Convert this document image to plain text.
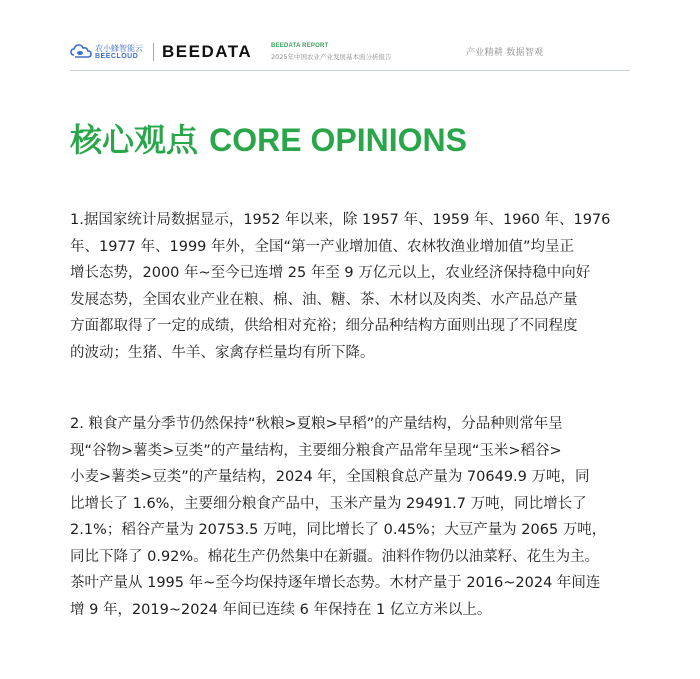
农小蜂智能云
BEECLOUD BEEDATA	BEEDATA REPORT
2025年中国农业产业发展基本面分析报告	产业精耕 数据智观
核心观点 CORE OPINIONS
1.据国家统计局数据显示，1952 年以来，除 1957 年、1959 年、1960 年、1976
年、1977 年、1999 年外，全国“第一产业增加值、农林牧渔业增加值”均呈正
增长态势，2000 年~至今已连增 25 年至 9 万亿元以上，农业经济保持稳中向好
发展态势，全国农业产业在粮、棉、油、糖、茶、木材以及肉类、水产品总产量
方面都取得了一定的成绩，供给相对充裕；细分品种结构方面则出现了不同程度
的波动；生猪、牛羊、家禽存栏量均有所下降。
2. 粮食产量分季节仍然保持“秋粮>夏粮>早稻”的产量结构，分品种则常年呈
现“谷物>薯类>豆类”的产量结构，主要细分粮食产品常年呈现“玉米>稻谷>
小麦>薯类>豆类”的产量结构，2024 年，全国粮食总产量为 70649.9 万吨，同
比增长了 1.6%，主要细分粮食产品中，玉米产量为 29491.7 万吨，同比增长了
2.1%；稻谷产量为 20753.5 万吨，同比增长了 0.45%；大豆产量为 2065 万吨，
同比下降了 0.92%。棉花生产仍然集中在新疆。油料作物仍以油菜籽、花生为主。
茶叶产量从 1995 年~至今均保持逐年增长态势。木材产量于 2016~2024 年间连
增 9 年，2019~2024 年间已连续 6 年保持在 1 亿立方米以上。
